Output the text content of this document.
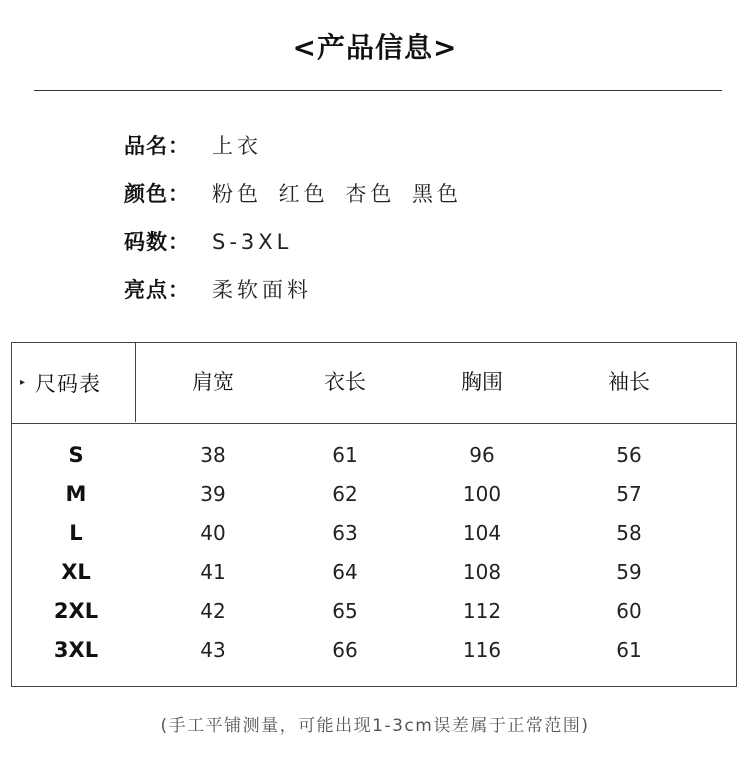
<产品信息>
品名：	上衣
颜色：	粉色 红色 杏色 黑色
码数：	S-3XL
亮点：	柔软面料
▸ 尺码表	肩宽	衣长	胸围	袖长
S	38	61	96	56
M	39	62	100	57
L	40	63	104	58
XL	41	64	108	59
2XL	42	65	112	60
3XL	43	66	116	61
(手工平铺测量，可能出现1-3cm误差属于正常范围)
